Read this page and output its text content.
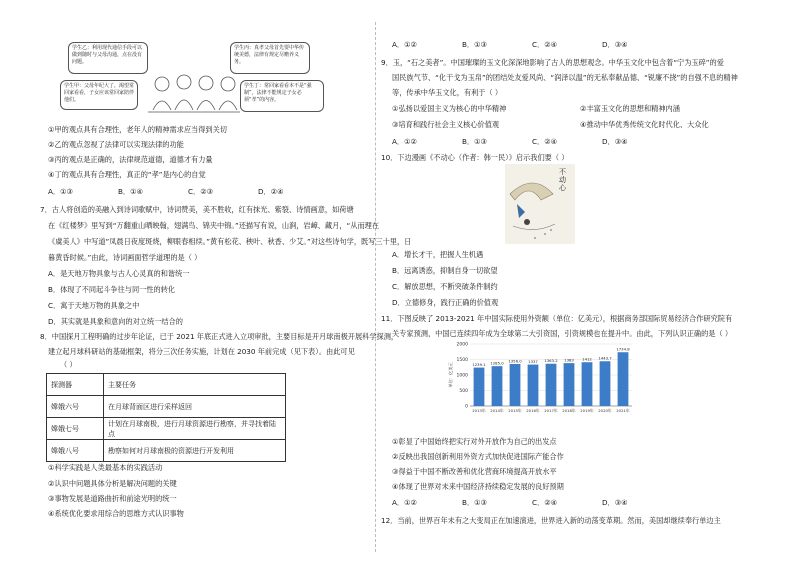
学生乙：利用现代通信手段可以做到随时与父母沟通，点在没有问题。
学生丙：真孝父母首先要中华传统美德，法律有规定尽赡养义务。
学生甲：父母年纪大了，渴望常回家看看，子女应该常回家陪伴他们。
学生丁：常回家看看本不是“强制”，法律不能规定子女必须“孝”的内容。
①甲的观点具有合理性，老年人的精神需求应当得到关切
②乙的观点忽视了法律可以实现法律的功能
③丙的观点是正确的，法律规范道德，道德才有力量
④丁的观点具有合理性，真正的“孝”是内心的自觉
A．①③	B．①④	C．②③	D．②④
7．古人将创造的美融入到诗词歌赋中，诗词赞美，美不胜收，红有抹光、紫裂、诗情画意，如荷塘
在《红楼梦》里写到“万翻重山晒映翰，翅满鸟、锦夹中锦。”还描写有说，山涧，岩嶂、藏月，“从而理在
《虞美人》中写道”凤晨日夜度斑烧，柳眼春相续。”黄有松花、秧叶、秋香、少艾。”对这些诗句学，既写三十里，日
暮黄昏时候。”由此，诗词画面哲学道理的是（ ）
A．是天地万物具象与古人心灵真的和谐统一
B．体现了不同起斗争往与同一性的转化
C．寓于天地万物的具象之中
D．其实就是具象和意向的对立统一结合的
8．中国探月工程明确的过步年论证，已于 2021 年底正式进入立项审批，主要目标是开月球南极开展科学探测，
建立起月球科研站的基础框架，将分三次任务实施，计划在 2030 年前完成（见下表）。由此可见
（ ）
探测器	主要任务
嫦娥六号	在月球背面区进行采样返回
嫦娥七号	计划在月球南极，进行月球资源进行勘察，并寻找着陆点
嫦娥八号	勘察如何对月球南极的资源进行开发利用
①科学实践是人类最基本的实践活动
②认识中问题具体分析是解决问题的关键
③事物发展是道路曲折和前途光明的统一
④系统优化要求用综合的思维方式认识事物
A．①②	B．①③	C．②④	D．③④
9．玉，“石之美者”。中国璀璨的玉文化深深地影响了古人的思想观念。中华玉文化中包含着“宁为玉碎”的爱
国民族气节、“化干戈为玉帛”的团结处友爱风尚、“润泽以温”的无私奉献品德、“锐廉不挠”的自强不息的精神
等，传承中华玉文化，有利于（ ）
①弘扬以爱国主义为核心的中华精神	②丰富玉文化的思想和精神内涵
③培育和践行社会主义核心价值观	④推动中华优秀传统文化时代化、大众化
A．①②	B．①③	C．②④	D．③④
10．下边漫画《不动心（作者：韩一民）》启示我们要（ ）
不动心
A．增长才干，把握人生机遇
B．远离诱惑，抑制自身一切欲望
C．解放思想，不断突破条件制约
D．立德修身，践行正确的价值观
11．下图反映了 2013-2021 年中国实际使用外资额（单位：亿美元），根据商务部国际贸易经济合作研究院有
关专家预测，中国已连续四年成为全球第二大引资国，引资规模也在提升中。由此，下列认识正确的是（ ）
0
500
1000
1500
2000
单位：亿美元	1239.1
2013年
1285.0
2014年
1356.0
2015年
1337
2016年
1363.2
2017年
1383
2018年
1412
2019年
1443.7
2020年
1734.8
2021年
①彰显了中国始终把实行对外开放作为自己的出发点
②反映出我国创新利用外资方式加快促进国际产能合作
③得益于中国不断改善和优化营商环境提高开放水平
④体现了世界对未来中国经济持续稳定发展的良好预期
A．①②	B．①③	C．②④	D．③④
12．当前，世界百年未有之大变局正在加速演进，世界进入新的动荡变革期。然而，美国却继续奉行单边主
